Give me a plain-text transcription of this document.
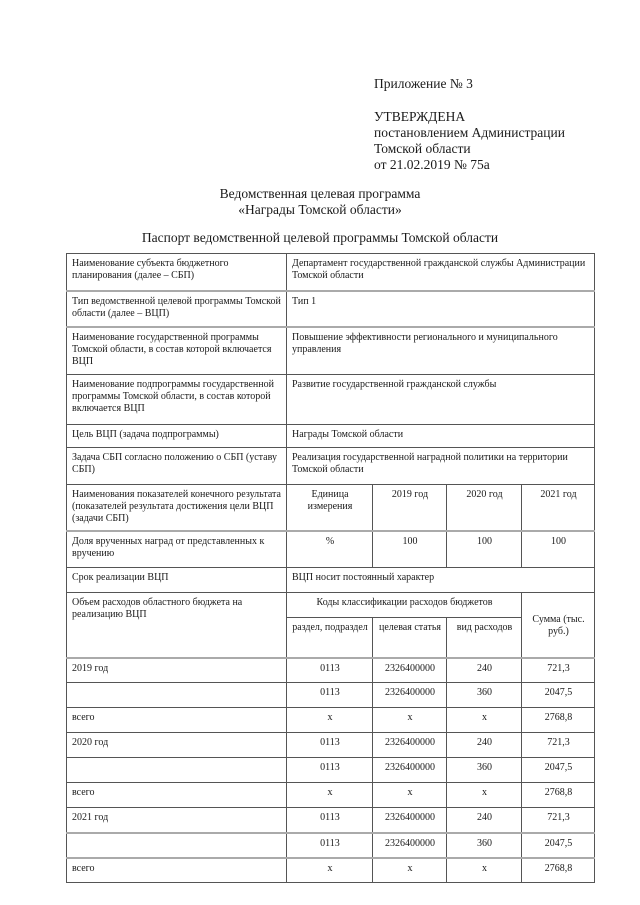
Приложение № 3
УТВЕРЖДЕНА
постановлением Администрации
Томской области
от 21.02.2019 № 75а
Ведомственная целевая программа
«Награды Томской области»
Паспорт ведомственной целевой программы Томской области
Наименование субъекта бюджетного планирования (далее – СБП)	Департамент государственной гражданской службы Администрации Томской области			
Тип ведомственной целевой программы Томской области (далее – ВЦП)	Тип 1			
Наименование государственной программы Томской области, в состав которой включается ВЦП	Повышение эффективности регионального и муниципального управления			
Наименование подпрограммы государственной программы Томской области, в состав которой включается ВЦП	Развитие государственной гражданской службы			
Цель ВЦП (задача подпрограммы)	Награды Томской области			
Задача СБП согласно положению о СБП (уставу СБП)	Реализация государственной наградной политики на территории Томской области			
Наименования показателей конечного результата (показателей результата достижения цели ВЦП (задачи СБП)	Единица измерения	2019 год	2020 год	2021 год
Доля врученных наград от представленных к вручению	%	100	100	100
Срок реализации ВЦП	ВЦП носит постоянный характер			
Объем расходов областного бюджета на реализацию ВЦП	Коды классификации расходов бюджетов			Сумма (тыс. руб.)
	раздел, подраздел	целевая статья	вид расходов	
2019 год	0113	2326400000	240	721,3
	0113	2326400000	360	2047,5
всего	x	x	x	2768,8
2020 год	0113	2326400000	240	721,3
	0113	2326400000	360	2047,5
всего	x	x	x	2768,8
2021 год	0113	2326400000	240	721,3
	0113	2326400000	360	2047,5
всего	x	x	x	2768,8
